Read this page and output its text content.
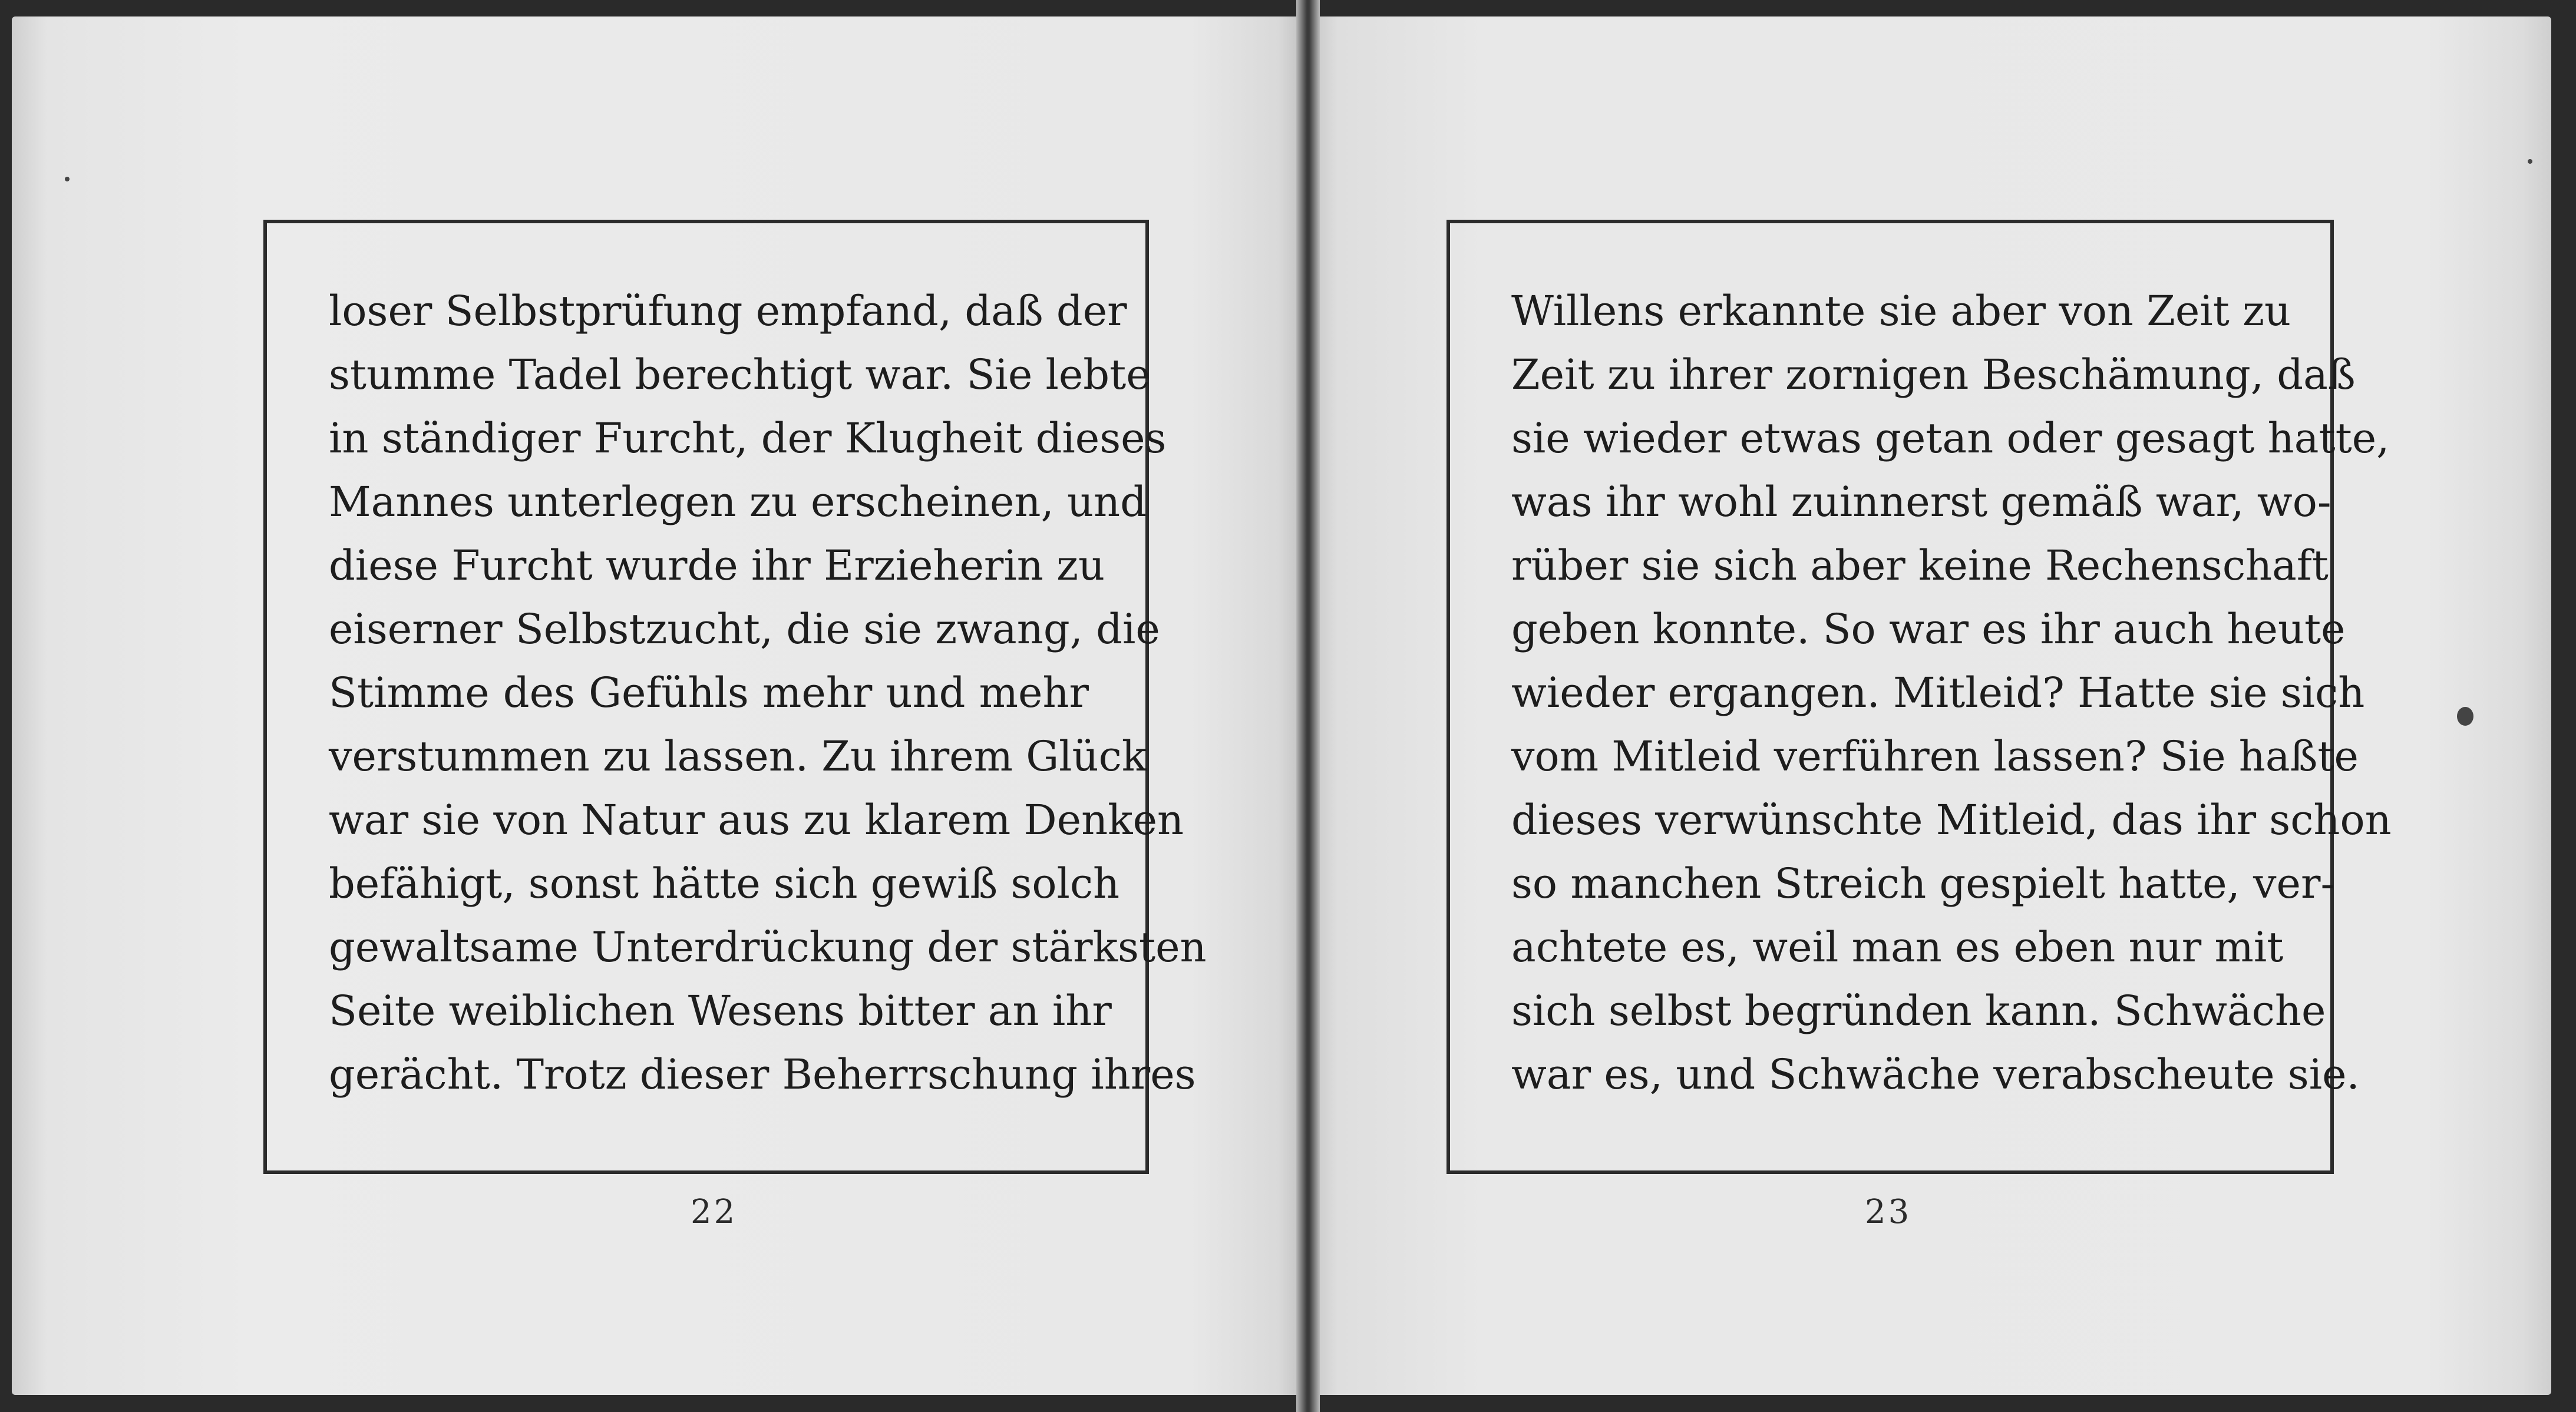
loser Selbstprüfung empfand, daß der
stumme Tadel berechtigt war. Sie lebte
in ständiger Furcht, der Klugheit dieses
Mannes unterlegen zu erscheinen, und
diese Furcht wurde ihr Erzieherin zu
eiserner Selbstzucht, die sie zwang, die
Stimme des Gefühls mehr und mehr
verstummen zu lassen. Zu ihrem Glück
war sie von Natur aus zu klarem Denken
befähigt, sonst hätte sich gewiß solch
gewaltsame Unterdrückung der stärksten
Seite weiblichen Wesens bitter an ihr
gerächt. Trotz dieser Beherrschung ihres
Willens erkannte sie aber von Zeit zu
Zeit zu ihrer zornigen Beschämung, daß
sie wieder etwas getan oder gesagt hatte,
was ihr wohl zuinnerst gemäß war, wo-
rüber sie sich aber keine Rechenschaft
geben konnte. So war es ihr auch heute
wieder ergangen. Mitleid? Hatte sie sich
vom Mitleid verführen lassen? Sie haßte
dieses verwünschte Mitleid, das ihr schon
so manchen Streich gespielt hatte, ver-
achtete es, weil man es eben nur mit
sich selbst begründen kann. Schwäche
war es, und Schwäche verabscheute sie.
22	23
